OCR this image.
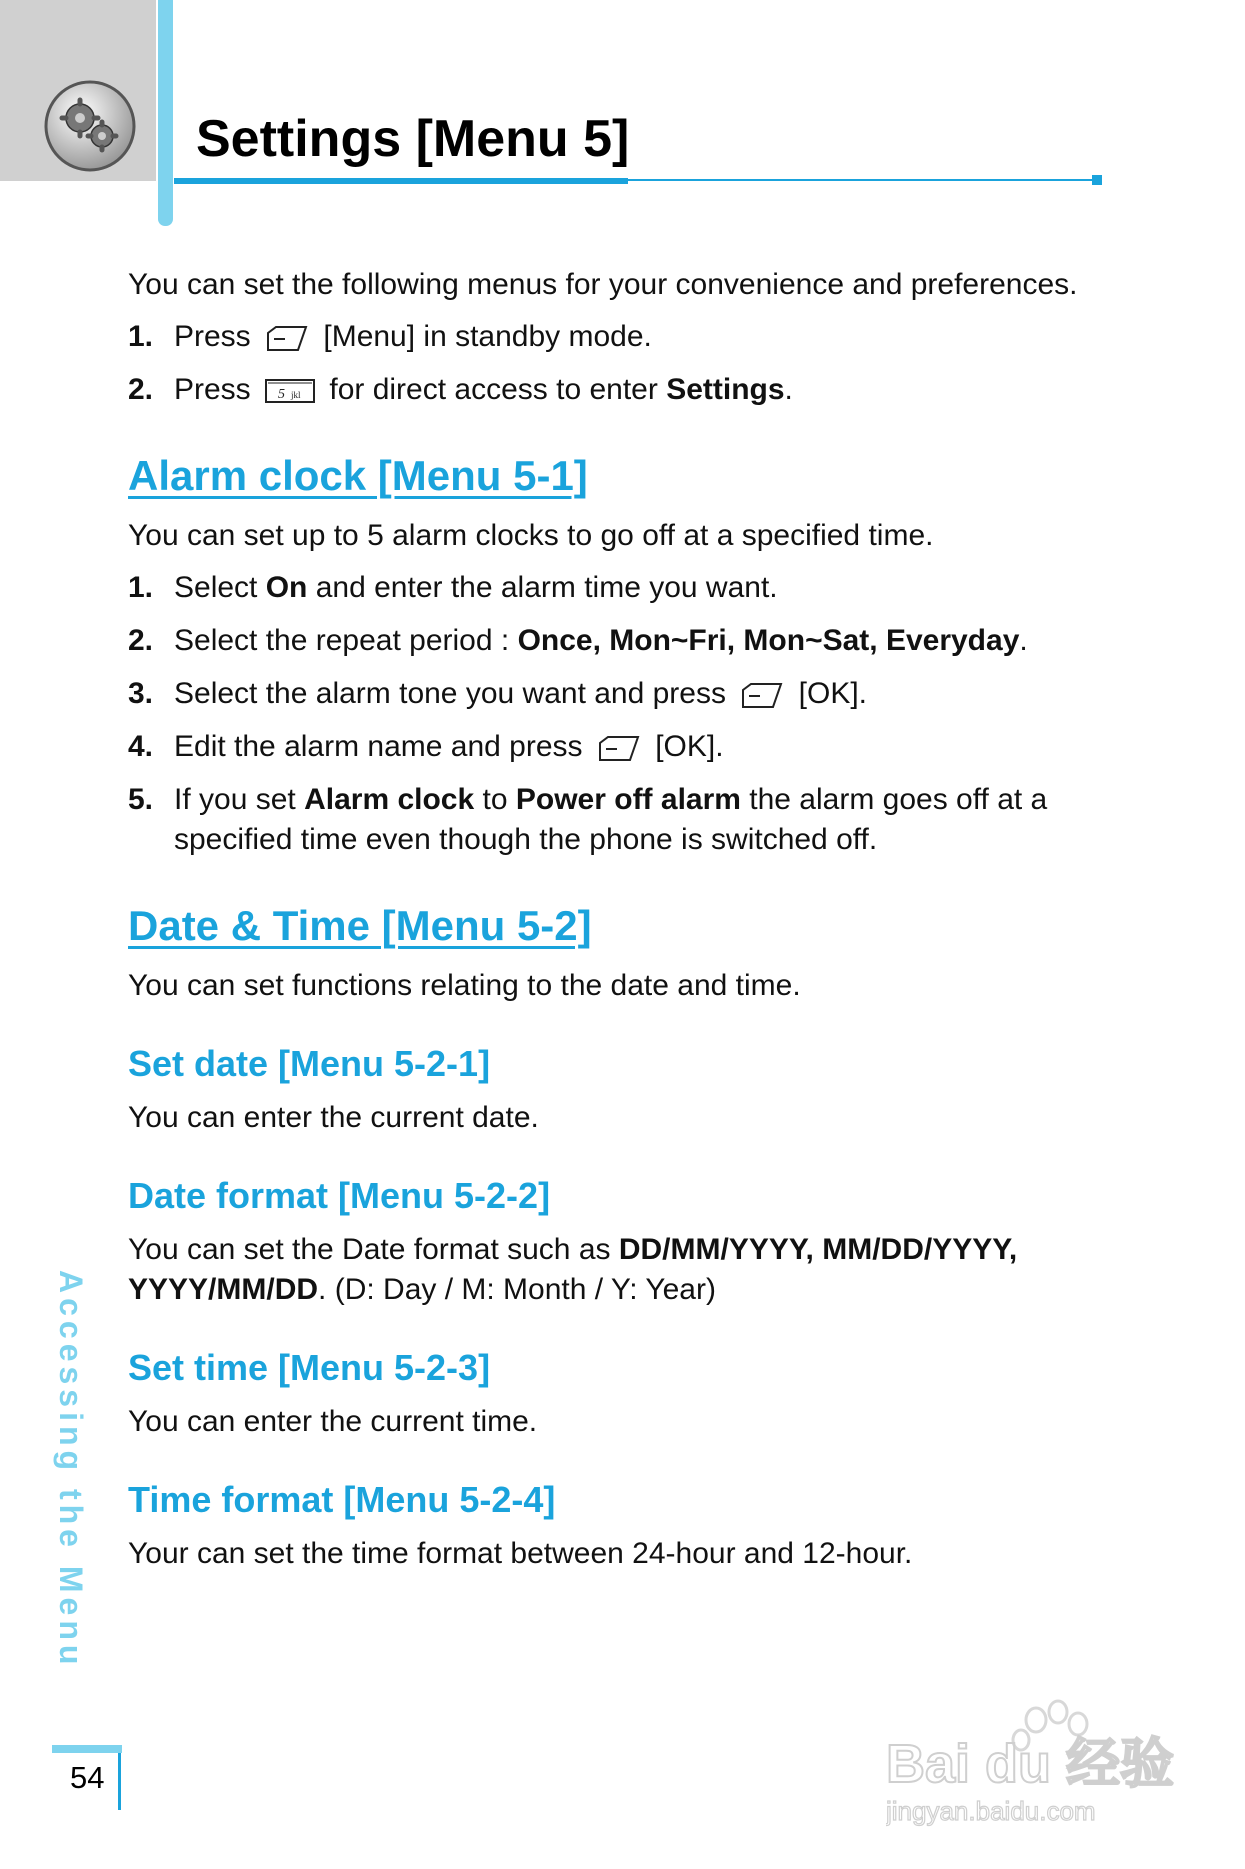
Settings [Menu 5]

You can set the following menus for your convenience and preferences.

1. Press  [Menu] in standby mode.
2. Press 5 jkl for direct access to enter Settings.
Alarm clock [Menu 5-1]

You can set up to 5 alarm clocks to go off at a specified time.

1. Select On and enter the alarm time you want.
2. Select the repeat period : Once, Mon~Fri, Mon~Sat, Everyday.
3. Select the alarm tone you want and press  [OK].
4. Edit the alarm name and press  [OK].
5. If you set Alarm clock to Power off alarm the alarm goes off at a specified time even though the phone is switched off.
Date & Time [Menu 5-2]

You can set functions relating to the date and time.

Set date [Menu 5-2-1]

You can enter the current date.

Date format [Menu 5-2-2]

You can set the Date format such as DD/MM/YYYY, MM/DD/YYYY, YYYY/MM/DD. (D: Day / M: Month / Y: Year)

Set time [Menu 5-2-3]

You can enter the current time.

Time format [Menu 5-2-4]

Your can set the time format between 24-hour and 12-hour.

Accessing the Menu
54	Bai du 经验
jingyan.baidu.com
